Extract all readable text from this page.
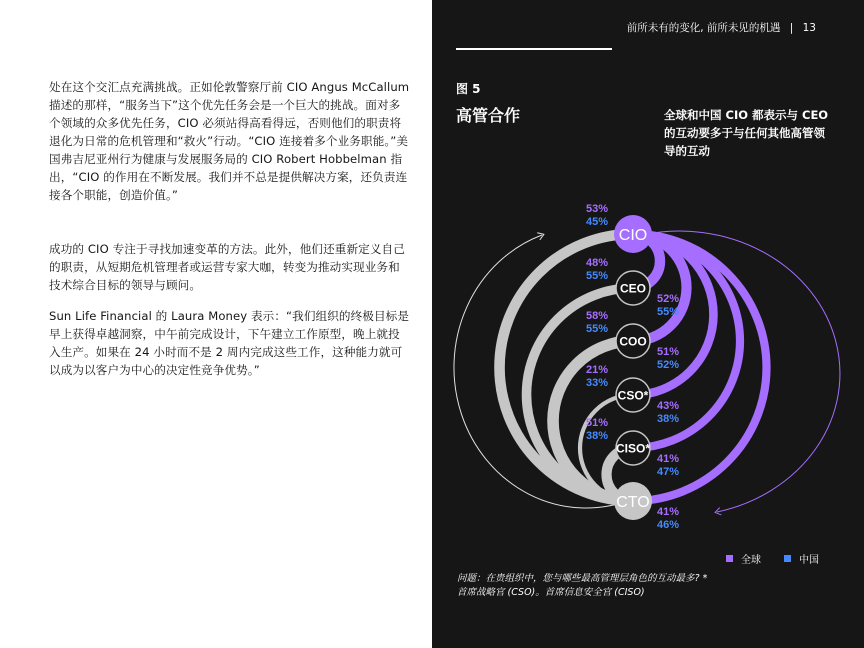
处在这个交汇点充满挑战。正如伦敦警察厅前 CIO Angus McCallum 描述的那样，“服务当下”这个优先任务会是一个巨大的挑战。面对多个领域的众多优先任务，CIO 必须站得高看得远，否则他们的职责将退化为日常的危机管理和“救火”行动。“CIO 连接着多个业务职能。”美国弗吉尼亚州行为健康与发展服务局的 CIO Robert Hobbelman 指出，“CIO 的作用在不断发展。我们并不总是提供解决方案，还负责连接各个职能，创造价值。”

成功的 CIO 专注于寻找加速变革的方法。此外，他们还重新定义自己的职责，从短期危机管理者或运营专家大咖，转变为推动实现业务和技术综合目标的领导与顾问。

Sun Life Financial 的 Laura Money 表示：“我们组织的终极目标是早上获得卓越洞察，中午前完成设计，下午建立工作原型，晚上就投入生产。如果在 24 小时而不是 2 周内完成这些工作，这种能力就可以成为以客户为中心的决定性竞争优势。”

前所未有的变化, 前所未见的机遇 | 13
图 5
高管合作	全球和中国 CIO 都表示与 CEO 的互动要多于与任何其他高管领导的互动
CIO
CEO
COO
CSO*
CISO*
CTO
53%
45%
48%
55%
58%
55%
21%
33%
51%
38%
52%
55%
51%
52%
43%
38%
41%
47%
41%
46%
全球	中国
问题：在贵组织中，您与哪些最高管理层角色的互动最多? *
首席战略官 (CSO)。首席信息安全官 (CISO)
